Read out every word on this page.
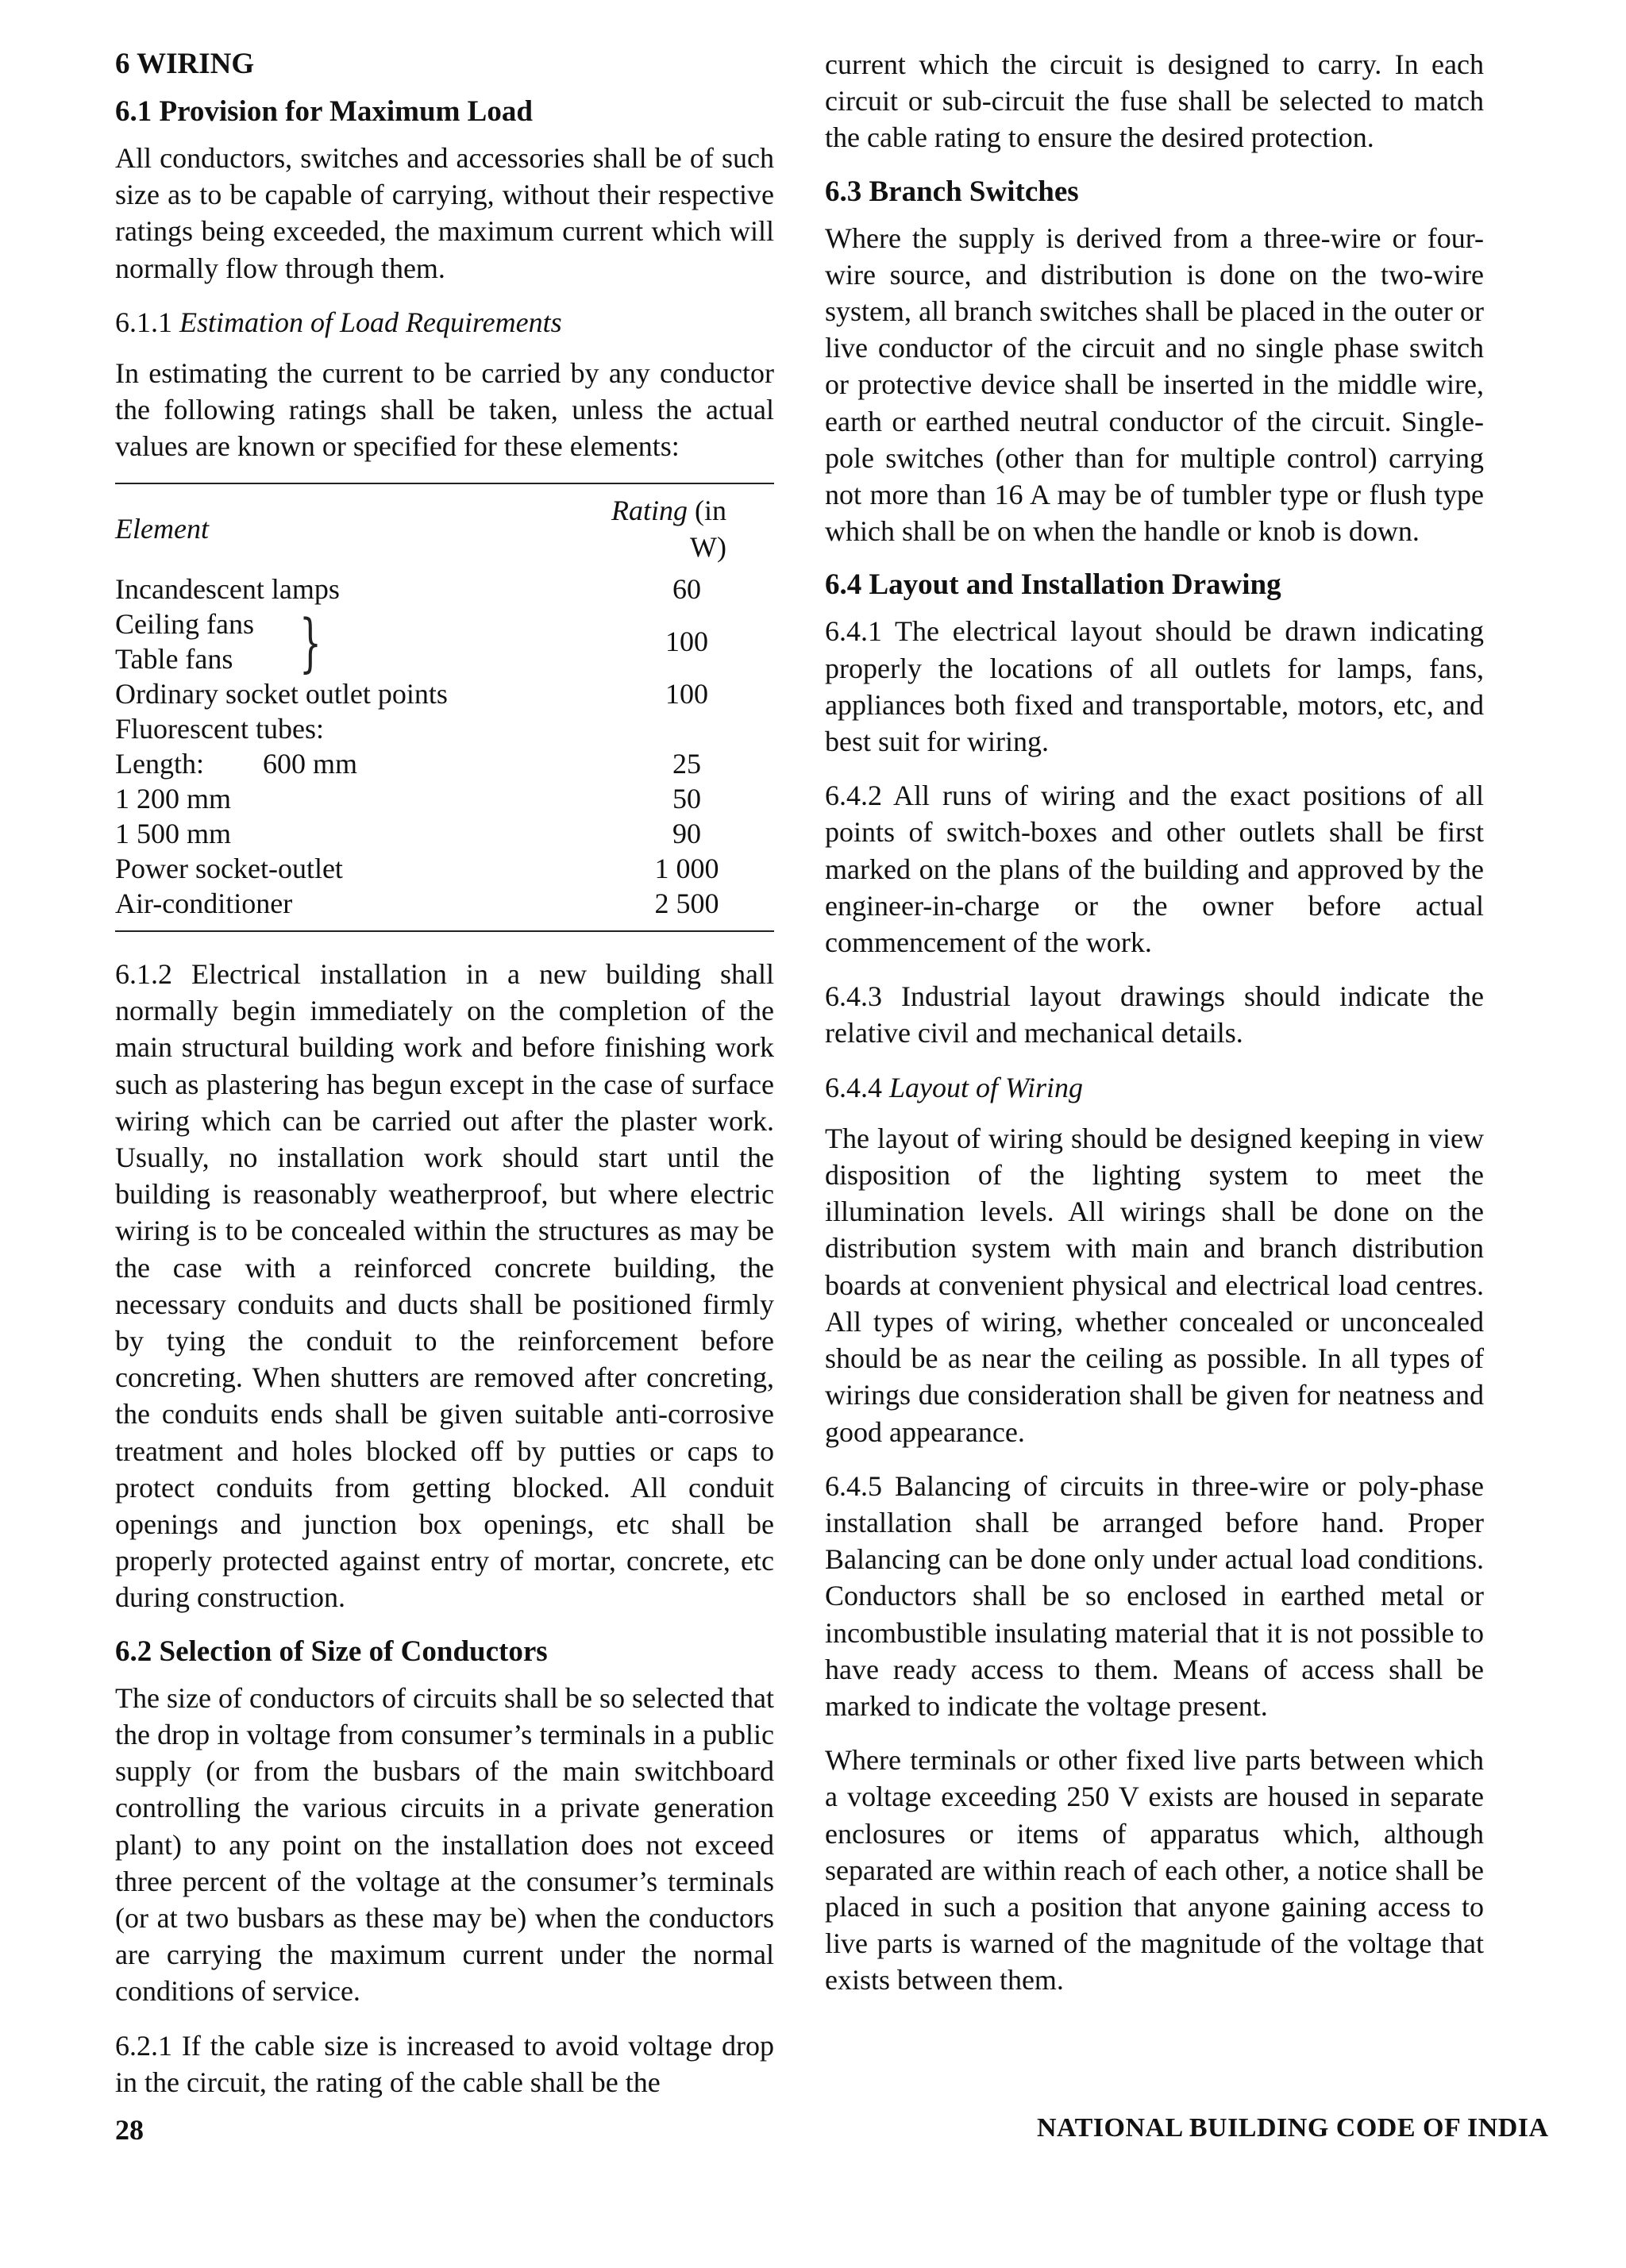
6 WIRING
6.1 Provision for Maximum Load

All conductors, switches and accessories shall be of such size as to be capable of carrying, without their respective ratings being exceeded, the maximum current which will normally flow through them.

6.1.1 Estimation of Load Requirements

In estimating the current to be carried by any conductor the following ratings shall be taken, unless the actual values are known or specified for these elements:

Element	Rating (in W)
Incandescent lamps	60

Ceiling fans
Table fans }	100
Ordinary socket outlet points	100
Fluorescent tubes:	
Length: 600 mm	25
1 200 mm	50
1 500 mm	90
Power socket-outlet	1 000
Air-conditioner	2 500

6.1.2 Electrical installation in a new building shall normally begin immediately on the completion of the main structural building work and before finishing work such as plastering has begun except in the case of surface wiring which can be carried out after the plaster work. Usually, no installation work should start until the building is reasonably weatherproof, but where electric wiring is to be concealed within the structures as may be the case with a reinforced concrete building, the necessary conduits and ducts shall be positioned firmly by tying the conduit to the reinforcement before concreting. When shutters are removed after concreting, the conduits ends shall be given suitable anti-corrosive treatment and holes blocked off by putties or caps to protect conduits from getting blocked. All conduit openings and junction box openings, etc shall be properly protected against entry of mortar, concrete, etc during construction.

6.2 Selection of Size of Conductors

The size of conductors of circuits shall be so selected that the drop in voltage from consumer’s terminals in a public supply (or from the busbars of the main switchboard controlling the various circuits in a private generation plant) to any point on the installation does not exceed three percent of the voltage at the consumer’s terminals (or at two busbars as these may be) when the conductors are carrying the maximum current under the normal conditions of service.

6.2.1 If the cable size is increased to avoid voltage drop in the circuit, the rating of the cable shall be the

current which the circuit is designed to carry. In each circuit or sub-circuit the fuse shall be selected to match the cable rating to ensure the desired protection.

6.3 Branch Switches

Where the supply is derived from a three-wire or four-wire source, and distribution is done on the two-wire system, all branch switches shall be placed in the outer or live conductor of the circuit and no single phase switch or protective device shall be inserted in the middle wire, earth or earthed neutral conductor of the circuit. Single-pole switches (other than for multiple control) carrying not more than 16 A may be of tumbler type or flush type which shall be on when the handle or knob is down.

6.4 Layout and Installation Drawing

6.4.1 The electrical layout should be drawn indicating properly the locations of all outlets for lamps, fans, appliances both fixed and transportable, motors, etc, and best suit for wiring.

6.4.2 All runs of wiring and the exact positions of all points of switch-boxes and other outlets shall be first marked on the plans of the building and approved by the engineer-in-charge or the owner before actual commencement of the work.

6.4.3 Industrial layout drawings should indicate the relative civil and mechanical details.

6.4.4 Layout of Wiring

The layout of wiring should be designed keeping in view disposition of the lighting system to meet the illumination levels. All wirings shall be done on the distribution system with main and branch distribution boards at convenient physical and electrical load centres. All types of wiring, whether concealed or unconcealed should be as near the ceiling as possible. In all types of wirings due consideration shall be given for neatness and good appearance.

6.4.5 Balancing of circuits in three-wire or poly-phase installation shall be arranged before hand. Proper Balancing can be done only under actual load conditions. Conductors shall be so enclosed in earthed metal or incombustible insulating material that it is not possible to have ready access to them. Means of access shall be marked to indicate the voltage present.

Where terminals or other fixed live parts between which a voltage exceeding 250 V exists are housed in separate enclosures or items of apparatus which, although separated are within reach of each other, a notice shall be placed in such a position that anyone gaining access to live parts is warned of the magnitude of the voltage that exists between them.

28	NATIONAL BUILDING CODE OF INDIA
